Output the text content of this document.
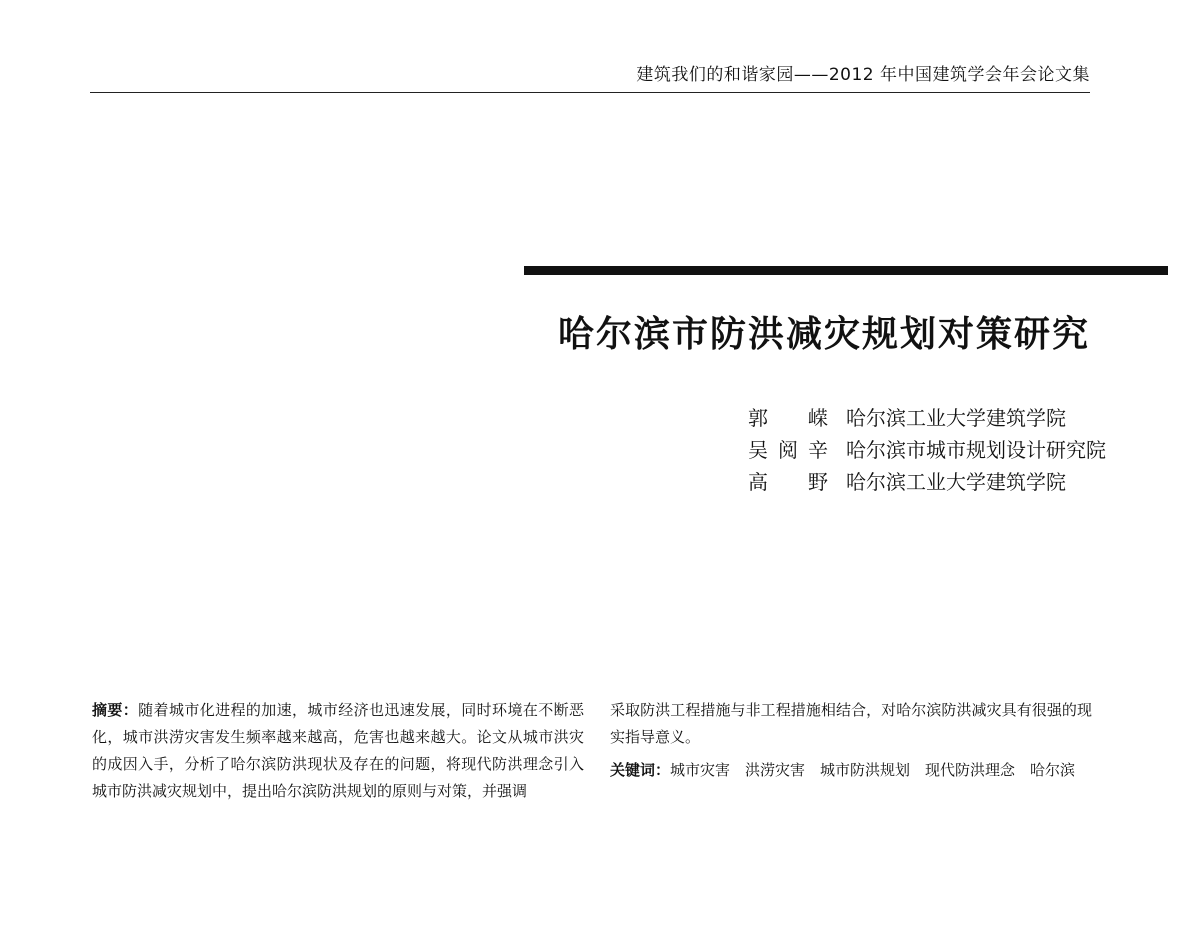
建筑我们的和谐家园——2012 年中国建筑学会年会论文集
哈尔滨市防洪减灾规划对策研究
郭 嵘 哈尔滨工业大学建筑学院
吴阅辛 哈尔滨市城市规划设计研究院
高 野 哈尔滨工业大学建筑学院
摘要：随着城市化进程的加速，城市经济也迅速发展，同时环境在不断恶化，城市洪涝灾害发生频率越来越高，危害也越来越大。论文从城市洪灾的成因入手，分析了哈尔滨防洪现状及存在的问题，将现代防洪理念引入城市防洪减灾规划中，提出哈尔滨防洪规划的原则与对策，并强调
采取防洪工程措施与非工程措施相结合，对哈尔滨防洪减灾具有很强的现实指导意义。
关键词：城市灾害　洪涝灾害　城市防洪规划　现代防洪理念　哈尔滨
